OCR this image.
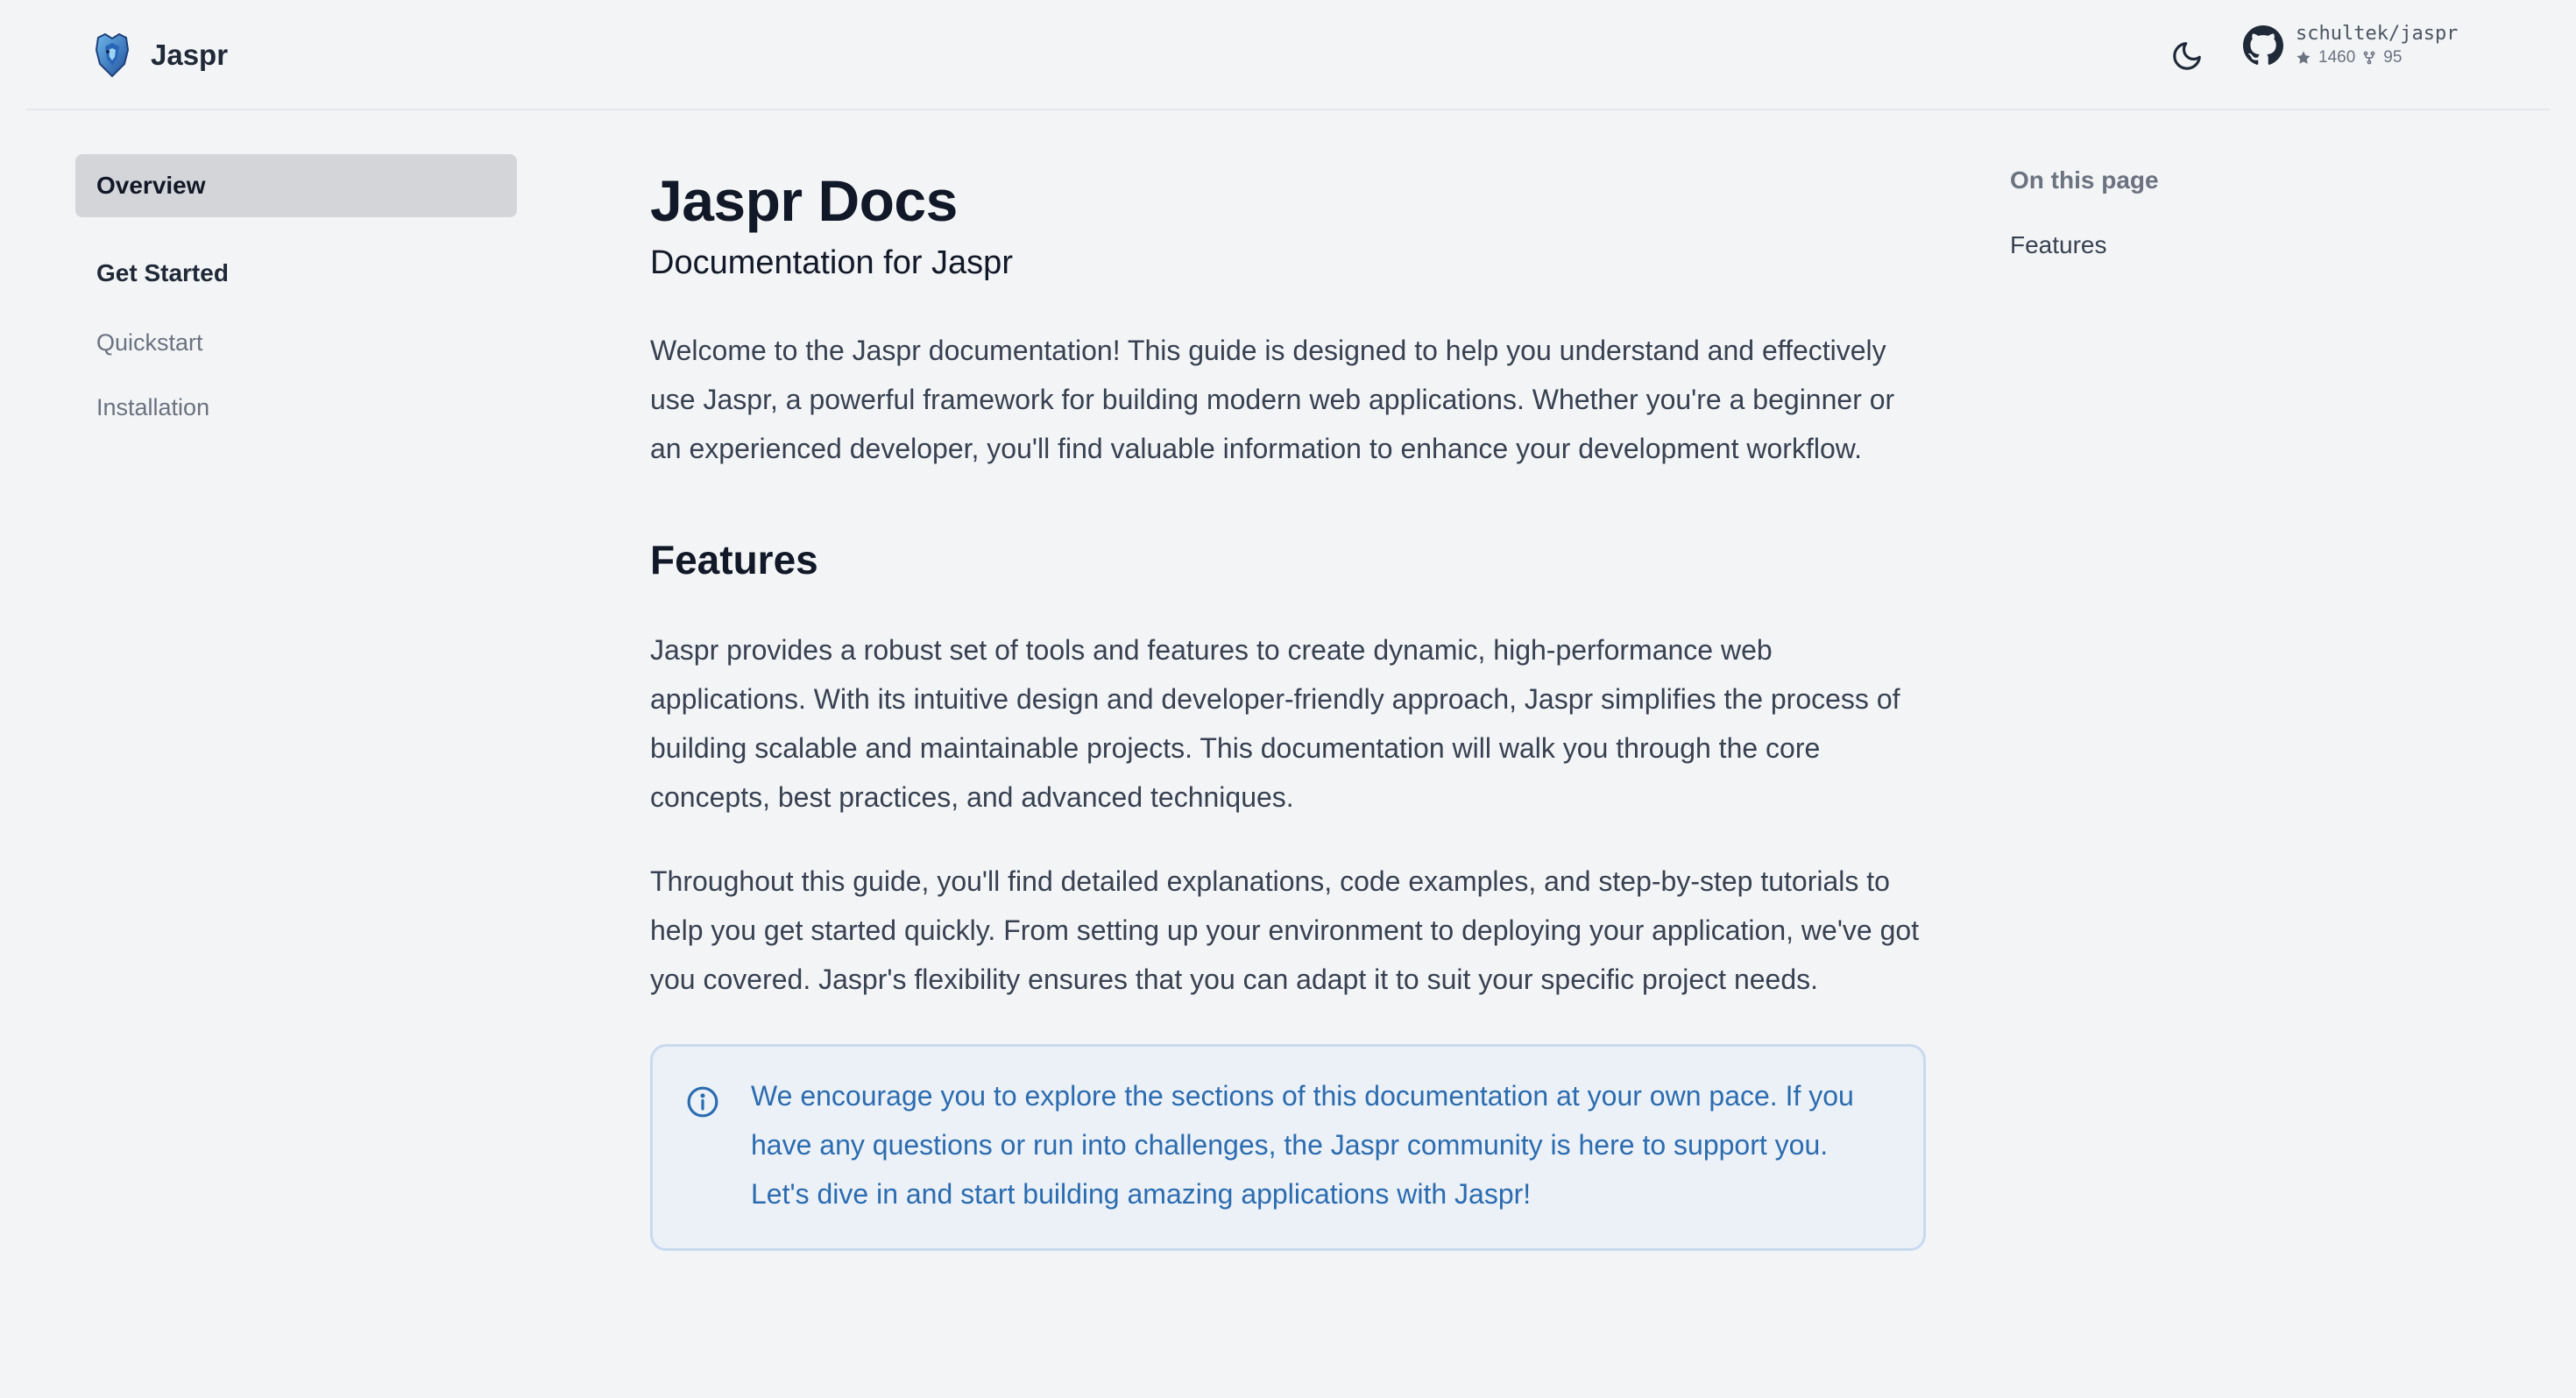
Jaspr
schultek/jaspr
1460 95
Overview
Get Started
Quickstart
Installation
Jaspr Docs

Documentation for Jaspr

Welcome to the Jaspr documentation! This guide is designed to help you understand and effectively use Jaspr, a powerful framework for building modern web applications. Whether you're a beginner or an experienced developer, you'll find valuable information to enhance your development workflow.

Features

Jaspr provides a robust set of tools and features to create dynamic, high-performance web applications. With its intuitive design and developer-friendly approach, Jaspr simplifies the process of building scalable and maintainable projects. This documentation will walk you through the core concepts, best practices, and advanced techniques.

Throughout this guide, you'll find detailed explanations, code examples, and step-by-step tutorials to help you get started quickly. From setting up your environment to deploying your application, we've got you covered. Jaspr's flexibility ensures that you can adapt it to suit your specific project needs.

We encourage you to explore the sections of this documentation at your own pace. If you have any questions or run into challenges, the Jaspr community is here to support you. Let's dive in and start building amazing applications with Jaspr!
On this page
Features
